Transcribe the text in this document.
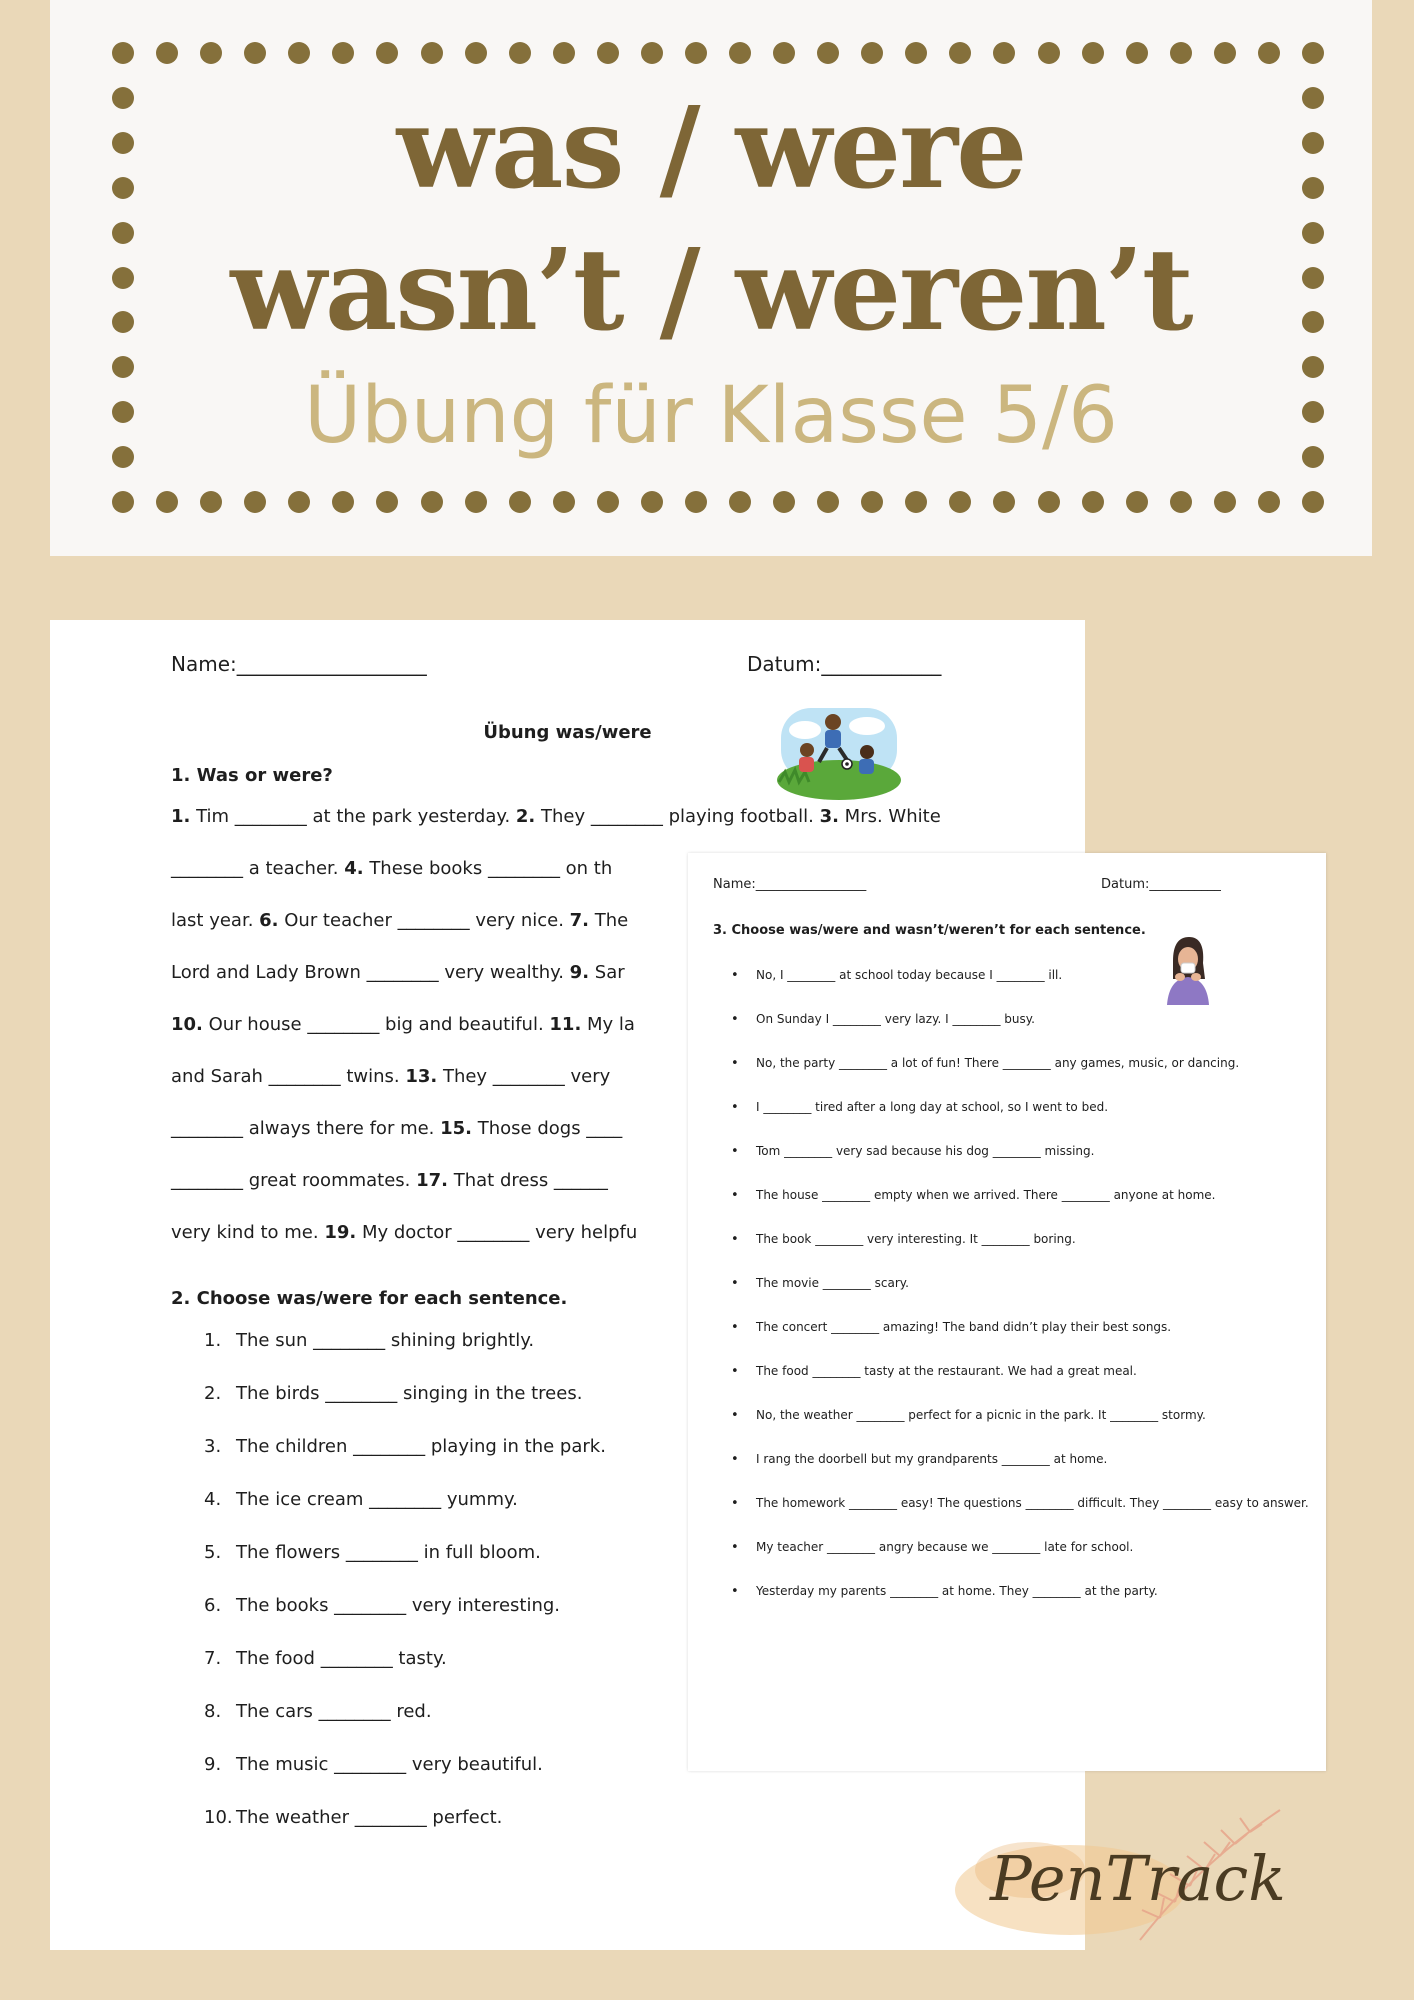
was / were
wasn’t / weren’t
Übung für Klasse 5/6
Name:___________________	Datum:____________
Übung was/were
1. Was or were?
1. Tim ________ at the park yesterday. 2. They ________ playing football. 3. Mrs. White
________ a teacher. 4. These books ________ on th
last year. 6. Our teacher ________ very nice. 7. The
Lord and Lady Brown ________ very wealthy. 9. Sar
10. Our house ________ big and beautiful. 11. My la
and Sarah ________ twins. 13. They ________ very
________ always there for me. 15. Those dogs ____
________ great roommates. 17. That dress ______
very kind to me. 19. My doctor ________ very helpfu
2. Choose was/were for each sentence.
1. The sun ________ shining brightly.
2. The birds ________ singing in the trees.
3. The children ________ playing in the park.
4. The ice cream ________ yummy.
5. The flowers ________ in full bloom.
6. The books ________ very interesting.
7. The food ________ tasty.
8. The cars ________ red.
9. The music ________ very beautiful.
10. The weather ________ perfect.
Name:_________________	Datum:___________
3. Choose was/were and wasn’t/weren’t for each sentence.
• No, I ________ at school today because I ________ ill.
• On Sunday I ________ very lazy. I ________ busy.
• No, the party ________ a lot of fun! There ________ any games, music, or dancing.
• I ________ tired after a long day at school, so I went to bed.
• Tom ________ very sad because his dog ________ missing.
• The house ________ empty when we arrived. There ________ anyone at home.
• The book ________ very interesting. It ________ boring.
• The movie ________ scary.
• The concert ________ amazing! The band didn’t play their best songs.
• The food ________ tasty at the restaurant. We had a great meal.
• No, the weather ________ perfect for a picnic in the park. It ________ stormy.
• I rang the doorbell but my grandparents ________ at home.
• The homework ________ easy! The questions ________ difficult. They ________ easy to answer.
• My teacher ________ angry because we ________ late for school.
• Yesterday my parents ________ at home. They ________ at the party.
PenTrack
